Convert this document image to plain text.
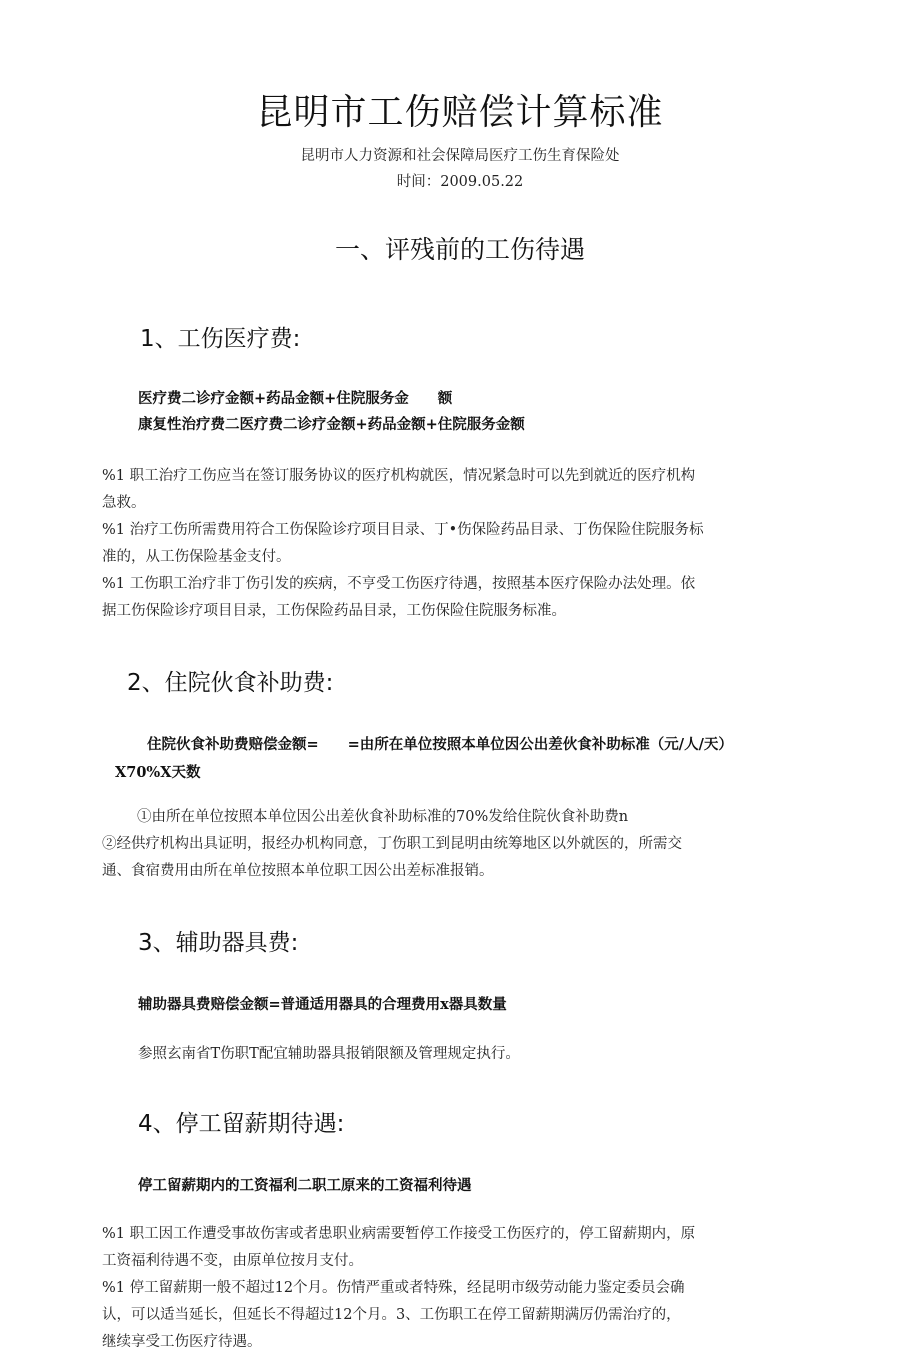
昆明市工伤赔偿计算标准
昆明市人力资源和社会保障局医疗工伤生育保险处
时间：2009.05.22
一、评残前的工伤待遇
1、工伤医疗费:
医疗费二诊疗金额+药品金额+住院服务金　　额
康复性治疗费二医疗费二诊疗金额+药品金额+住院服务金额

%1 职工治疗工伤应当在签订服务协议的医疗机构就医，情况紧急时可以先到就近的医疗机构

急救。

%1 治疗工伤所需费用符合工伤保险诊疗项目目录、丁•伤保险药品目录、丁伤保险住院服务标

准的，从工伤保险基金支付。

%1 工伤职工治疗非丁伤引发的疾病，不亨受工伤医疗待遇，按照基本医疗保险办法处理。依

据工伤保险诊疗项目目录，工伤保险药品目录，工伤保险住院服务标准。

2、住院伙食补助费:
住院伙食补助费赔偿金额=　　=由所在单位按照本单位因公出差伙食补助标准（元/人/天）
X70%X天数

①由所在单位按照本单位因公出差伙食补助标准的70%发给住院伙食补助费n

②经供疗机构出具证明，报经办机构同意，丁伤职工到昆明由统筹地区以外就医的，所需交

通、食宿费用由所在单位按照本单位职工因公出差标准报销。

3、辅助器具费:
辅助器具费赔偿金额=普通适用器具的合理费用x器具数量

参照玄南省T伤职T配宜辅助器具报销限额及管理规定执行。

4、停工留薪期待遇:
停工留薪期内的工资福利二职工原来的工资福利待遇

%1 职工因工作遭受事故伤害或者患职业病需要暂停工作接受工伤医疗的，停工留薪期内，原

工资福利待遇不变，由原单位按月支付。

%1 停工留薪期一般不超过12个月。伤情严重或者特殊，经昆明市级劳动能力鉴定委员会确

认，可以适当延长，但延长不得超过12个月。3、工伤职工在停工留薪期满厉仍需治疗的，

继续享受工伤医疗待遇。
